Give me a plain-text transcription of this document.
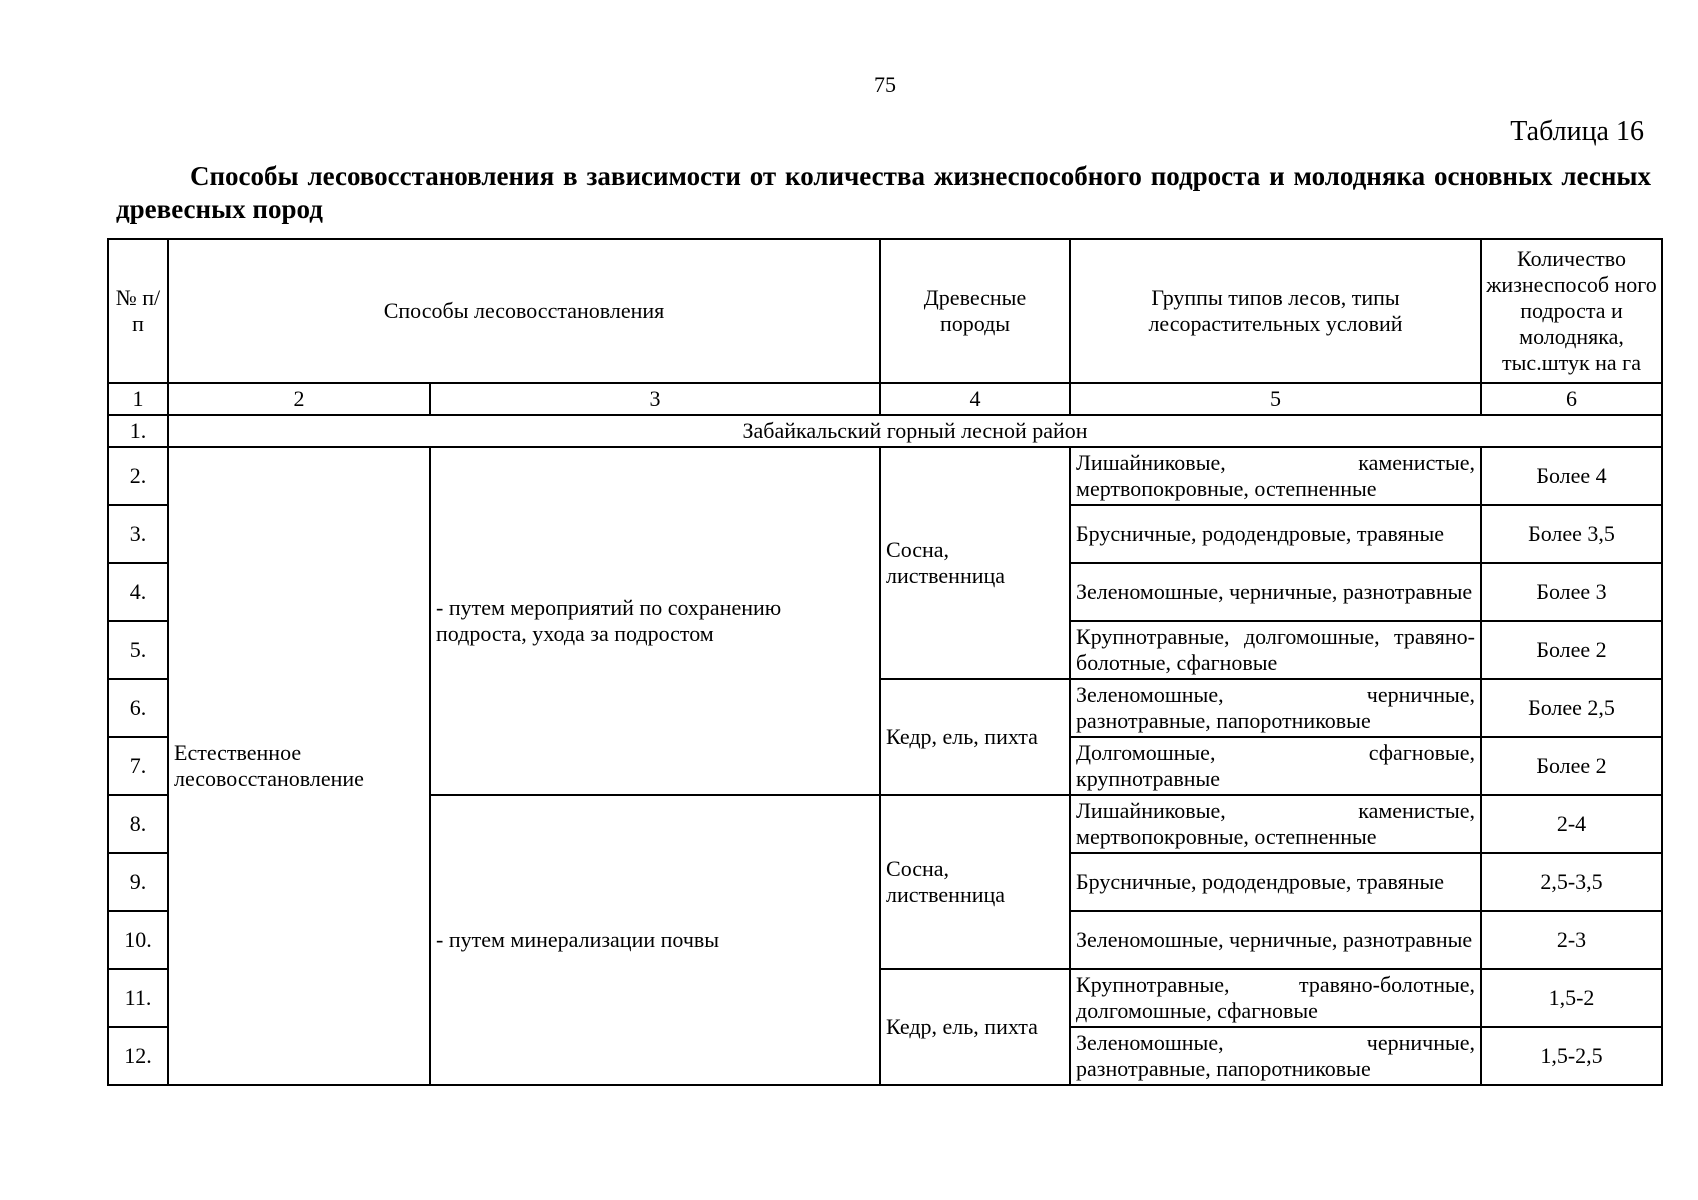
75
Таблица 16
Способы лесовосстановления в зависимости от количества жизнеспособного подроста и молодняка основных лесных древесных пород
№ п/п	Способы лесовосстановления		Древесные породы	Группы типов лесов, типы лесорастительных условий	Количество жизнеспособ ного подроста и молодняка, тыс.штук на га
1	2	3	4	5	6
1.	Забайкальский горный лесной район				
2.	Естественное лесовосстановление	- путем мероприятий по сохранению подроста, ухода за подростом	Сосна, лиственница	Лишайниковые, каменистые, мертвопокровные, остепненные	Более 4
3.				Брусничные, рододендровые, травяные	Более 3,5
4.				Зеленомошные, черничные, разнотравные	Более 3
5.				Крупнотравные, долгомошные, травяно-болотные, сфагновые	Более 2
6.			Кедр, ель, пихта	Зеленомошные, черничные, разнотравные, папоротниковые	Более 2,5
7.				Долгомошные, сфагновые, крупнотравные	Более 2
8.		- путем минерализации почвы	Сосна, лиственница	Лишайниковые, каменистые, мертвопокровные, остепненные	2-4
9.				Брусничные, рододендровые, травяные	2,5-3,5
10.				Зеленомошные, черничные, разнотравные	2-3
11.			Кедр, ель, пихта	Крупнотравные, травяно-болотные, долгомошные, сфагновые	1,5-2
12.				Зеленомошные, черничные, разнотравные, папоротниковые	1,5-2,5
